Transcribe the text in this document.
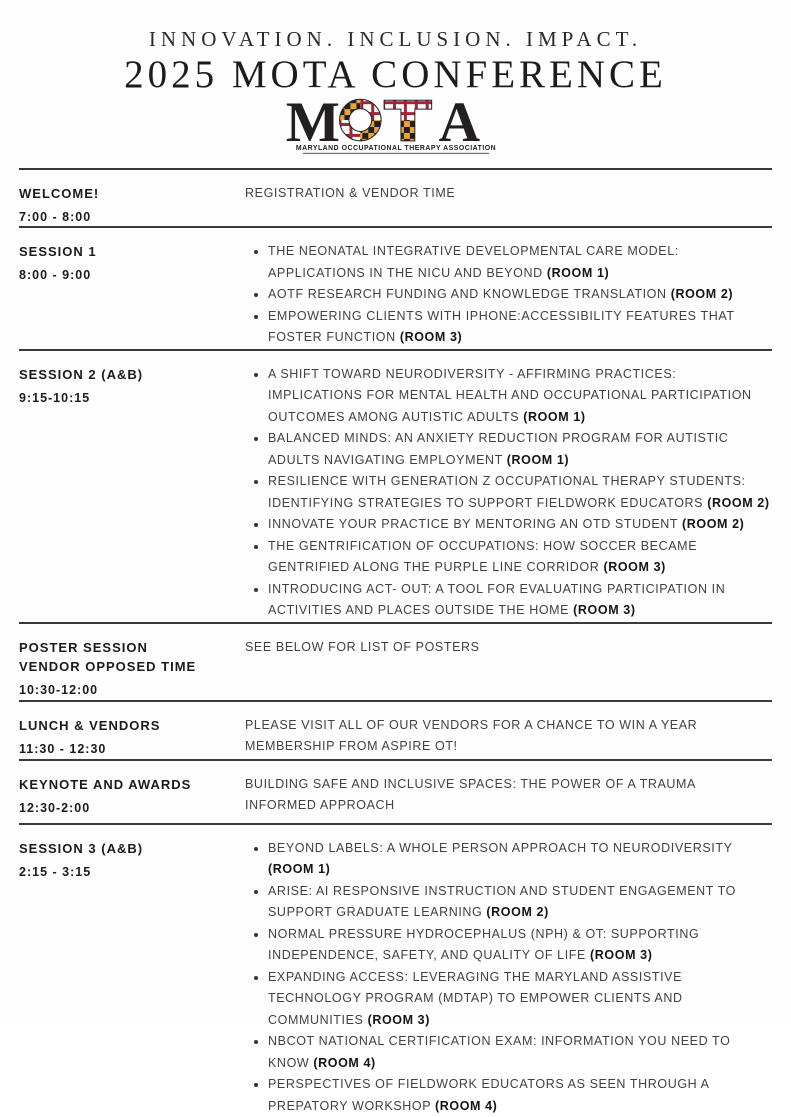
INNOVATION. INCLUSION. IMPACT.
2025 MOTA CONFERENCE
M A
MARYLAND OCCUPATIONAL THERAPY ASSOCIATION
WELCOME!
7:00 - 8:00

REGISTRATION & VENDOR TIME

SESSION 1
8:00 - 9:00
THE NEONATAL INTEGRATIVE DEVELOPMENTAL CARE MODEL: APPLICATIONS IN THE NICU AND BEYOND (ROOM 1)
AOTF RESEARCH FUNDING AND KNOWLEDGE TRANSLATION (ROOM 2)
EMPOWERING CLIENTS WITH IPHONE:ACCESSIBILITY FEATURES THAT FOSTER FUNCTION (ROOM 3)
SESSION 2 (A&B)
9:15-10:15
A SHIFT TOWARD NEURODIVERSITY - AFFIRMING PRACTICES: IMPLICATIONS FOR MENTAL HEALTH AND OCCUPATIONAL PARTICIPATION OUTCOMES AMONG AUTISTIC ADULTS (ROOM 1)
BALANCED MINDS: AN ANXIETY REDUCTION PROGRAM FOR AUTISTIC ADULTS NAVIGATING EMPLOYMENT (ROOM 1)
RESILIENCE WITH GENERATION Z OCCUPATIONAL THERAPY STUDENTS: IDENTIFYING STRATEGIES TO SUPPORT FIELDWORK EDUCATORS (ROOM 2)
INNOVATE YOUR PRACTICE BY MENTORING AN OTD STUDENT (ROOM 2)
THE GENTRIFICATION OF OCCUPATIONS: HOW SOCCER BECAME GENTRIFIED ALONG THE PURPLE LINE CORRIDOR (ROOM 3)
INTRODUCING ACT- OUT: A TOOL FOR EVALUATING PARTICIPATION IN ACTIVITIES AND PLACES OUTSIDE THE HOME (ROOM 3)
POSTER SESSION
VENDOR OPPOSED TIME
10:30-12:00

SEE BELOW FOR LIST OF POSTERS

LUNCH & VENDORS
11:30 - 12:30

PLEASE VISIT ALL OF OUR VENDORS FOR A CHANCE TO WIN A YEAR MEMBERSHIP FROM ASPIRE OT!

KEYNOTE AND AWARDS
12:30-2:00

BUILDING SAFE AND INCLUSIVE SPACES: THE POWER OF A TRAUMA INFORMED APPROACH

SESSION 3 (A&B)
2:15 - 3:15
BEYOND LABELS: A WHOLE PERSON APPROACH TO NEURODIVERSITY (ROOM 1)
ARISE: AI RESPONSIVE INSTRUCTION AND STUDENT ENGAGEMENT TO SUPPORT GRADUATE LEARNING (ROOM 2)
NORMAL PRESSURE HYDROCEPHALUS (NPH) & OT: SUPPORTING INDEPENDENCE, SAFETY, AND QUALITY OF LIFE (ROOM 3)
EXPANDING ACCESS: LEVERAGING THE MARYLAND ASSISTIVE TECHNOLOGY PROGRAM (MDTAP) TO EMPOWER CLIENTS AND COMMUNITIES (ROOM 3)
NBCOT NATIONAL CERTIFICATION EXAM: INFORMATION YOU NEED TO KNOW (ROOM 4)
PERSPECTIVES OF FIELDWORK EDUCATORS AS SEEN THROUGH A PREPATORY WORKSHOP (ROOM 4)
